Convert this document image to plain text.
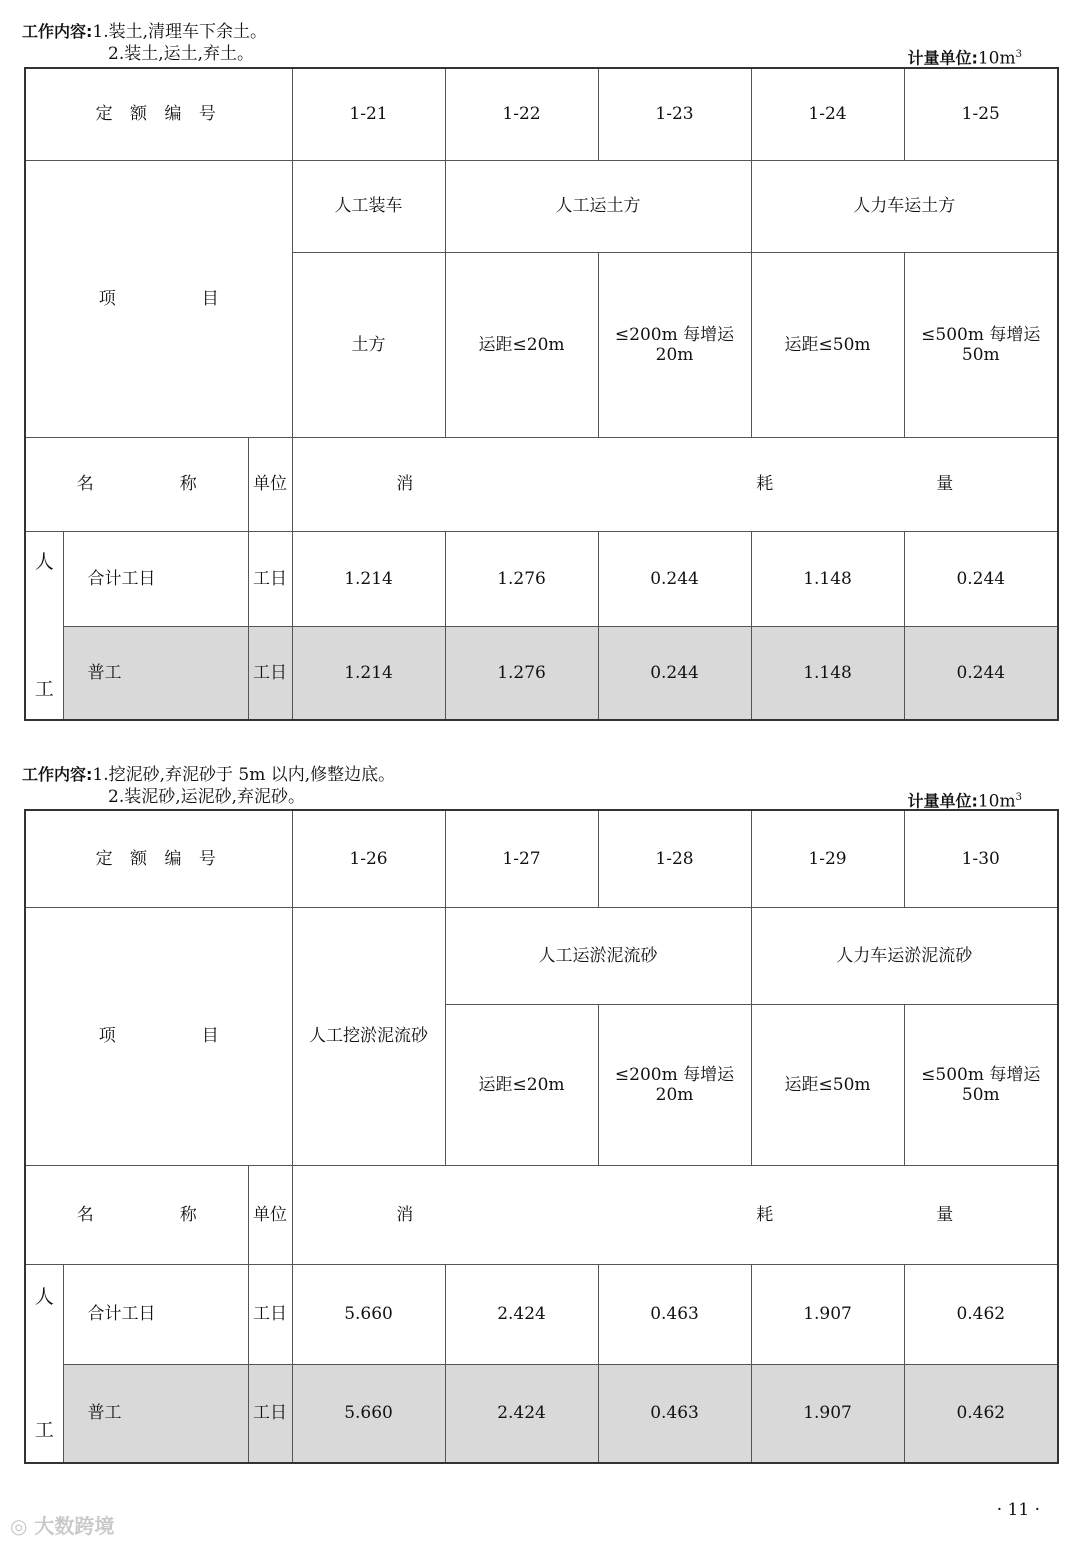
工作内容:1.装土,清理车下余土。
2.装土,运土,弃土。	计量单位$:10m^3$
定 额 编 号			1-21	1-22	1-23	1-24	1-25
项 目			人工装车	人工运土方		人力车运土方	
			土方	运距≤20m	≤200m 每增运 20m	运距≤50m	≤500m 每增运 50m
名 称		单位	消 耗 量				

人
工	合计工日	工日	1.214	1.276	0.244	1.148	0.244
	普工	工日	1.214	1.276	0.244	1.148	0.244
工作内容:1.挖泥砂,弃泥砂于 5m 以内,修整边底。
2.装泥砂,运泥砂,弃泥砂。	计量单位$:10m^3$
定 额 编 号			1-26	1-27	1-28	1-29	1-30
项 目			人工挖淤泥流砂	人工运淤泥流砂		人力车运淤泥流砂	
				运距≤20m	≤200m 每增运 20m	运距≤50m	≤500m 每增运 50m
名 称		单位	消 耗 量				

人
工	合计工日	工日	5.660	2.424	0.463	1.907	0.462
	普工	工日	5.660	2.424	0.463	1.907	0.462
◎ 大数跨境
· 11 ·
